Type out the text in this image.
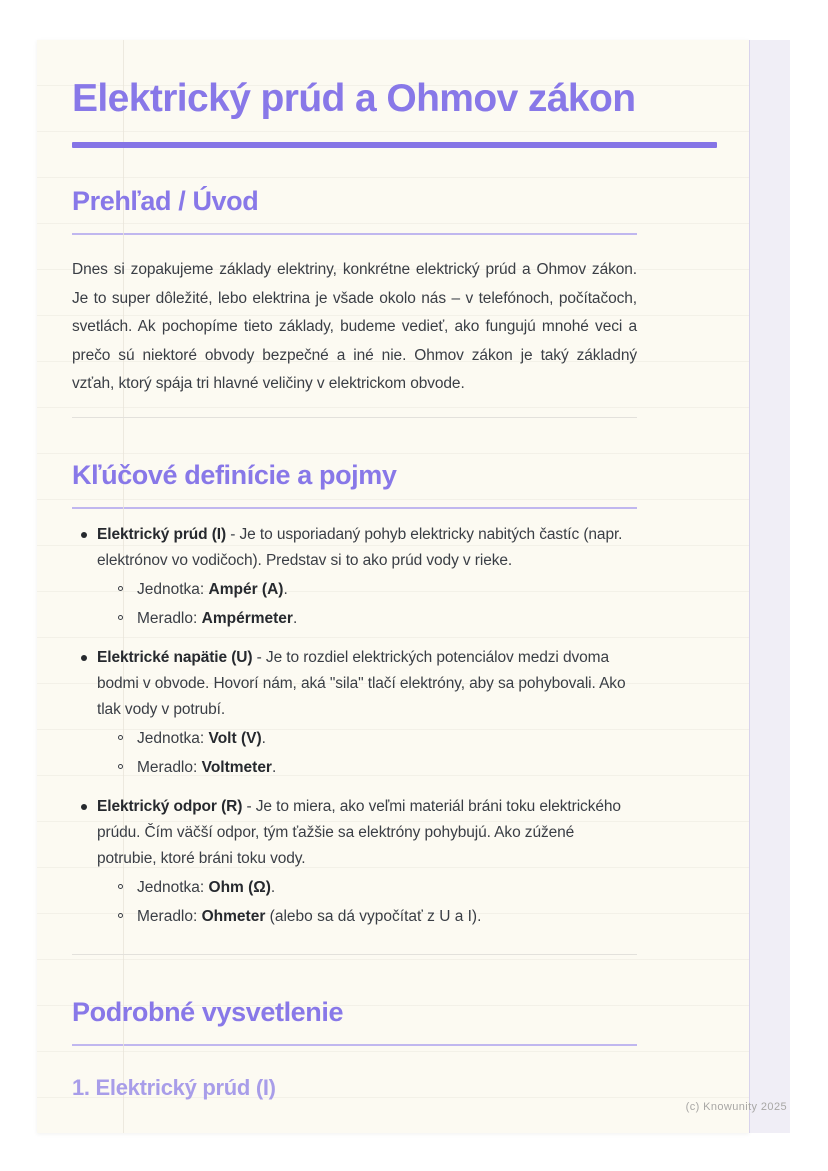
Elektrický prúd a Ohmov zákon
Prehľad / Úvod

Dnes si zopakujeme základy elektriny, konkrétne elektrický prúd a Ohmov zákon. Je to super dôležité, lebo elektrina je všade okolo nás – v telefónoch, počítačoch, svetlách. Ak pochopíme tieto základy, budeme vedieť, ako fungujú mnohé veci a prečo sú niektoré obvody bezpečné a iné nie. Ohmov zákon je taký základný vzťah, ktorý spája tri hlavné veličiny v elektrickom obvode.

Kľúčové definície a pojmy

Elektrický prúd (I) - Je to usporiadaný pohyb elektricky nabitých častíc (napr. elektrónov vo vodičoch). Predstav si to ako prúd vody v rieke.

Jednotka: Ampér (A).

Meradlo: Ampérmeter.

Elektrické napätie (U) - Je to rozdiel elektrických potenciálov medzi dvoma bodmi v obvode. Hovorí nám, aká "sila" tlačí elektróny, aby sa pohybovali. Ako tlak vody v potrubí.

Jednotka: Volt (V).

Meradlo: Voltmeter.

Elektrický odpor (R) - Je to miera, ako veľmi materiál bráni toku elektrického prúdu. Čím väčší odpor, tým ťažšie sa elektróny pohybujú. Ako zúžené potrubie, ktoré bráni toku vody.

Jednotka: Ohm (Ω).

Meradlo: Ohmeter (alebo sa dá vypočítať z U a I).

Podrobné vysvetlenie
1. Elektrický prúd (I)
(c) Knowunity 2025
